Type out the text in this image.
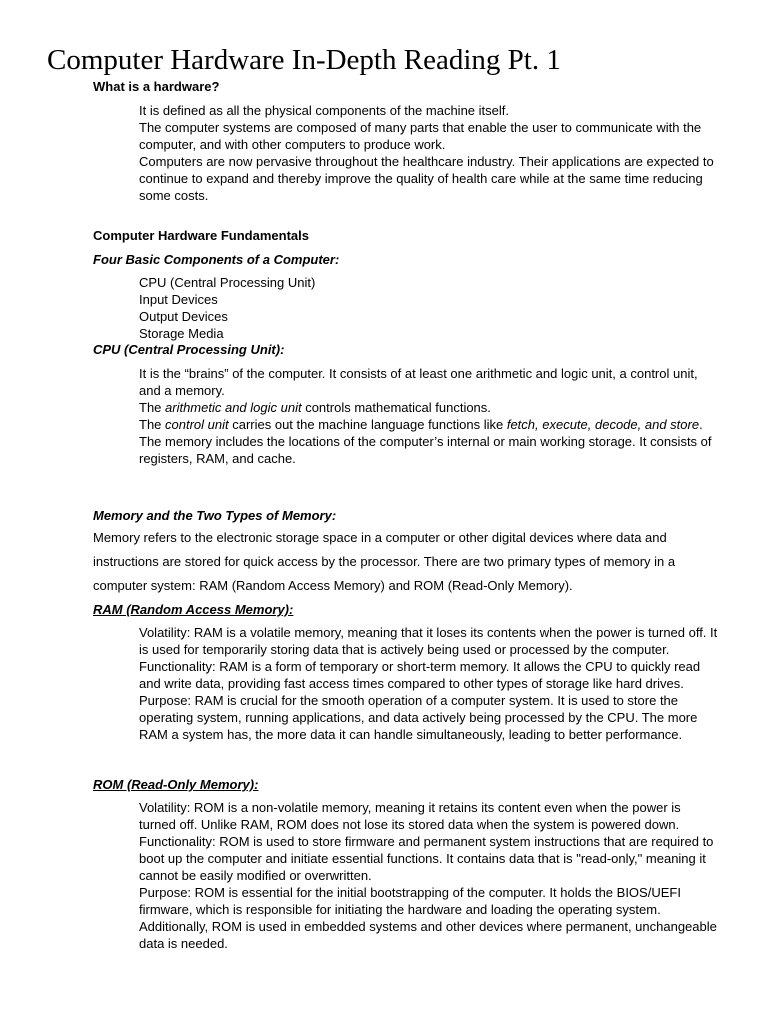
Computer Hardware In-Depth Reading Pt. 1

What is a hardware?

It is defined as all the physical components of the machine itself.

The computer systems are composed of many parts that enable the user to communicate with the computer, and with other computers to produce work.

Computers are now pervasive throughout the healthcare industry. Their applications are expected to continue to expand and thereby improve the quality of health care while at the same time reducing some costs.

Computer Hardware Fundamentals

Four Basic Components of a Computer:

CPU (Central Processing Unit)

Input Devices

Output Devices

Storage Media

CPU (Central Processing Unit):

It is the “brains” of the computer. It consists of at least one arithmetic and logic unit, a control unit, and a memory.

The arithmetic and logic unit controls mathematical functions.

The control unit carries out the machine language functions like fetch, execute, decode, and store.

The memory includes the locations of the computer’s internal or main working storage. It consists of registers, RAM, and cache.

Memory and the Two Types of Memory:

Memory refers to the electronic storage space in a computer or other digital devices where data and instructions are stored for quick access by the processor. There are two primary types of memory in a computer system: RAM (Random Access Memory) and ROM (Read-Only Memory).

RAM (Random Access Memory):

Volatility: RAM is a volatile memory, meaning that it loses its contents when the power is turned off. It is used for temporarily storing data that is actively being used or processed by the computer.

Functionality: RAM is a form of temporary or short-term memory. It allows the CPU to quickly read and write data, providing fast access times compared to other types of storage like hard drives.

Purpose: RAM is crucial for the smooth operation of a computer system. It is used to store the operating system, running applications, and data actively being processed by the CPU. The more RAM a system has, the more data it can handle simultaneously, leading to better performance.

ROM (Read-Only Memory):

Volatility: ROM is a non-volatile memory, meaning it retains its content even when the power is turned off. Unlike RAM, ROM does not lose its stored data when the system is powered down.

Functionality: ROM is used to store firmware and permanent system instructions that are required to boot up the computer and initiate essential functions. It contains data that is "read-only," meaning it cannot be easily modified or overwritten.

Purpose: ROM is essential for the initial bootstrapping of the computer. It holds the BIOS/UEFI firmware, which is responsible for initiating the hardware and loading the operating system. Additionally, ROM is used in embedded systems and other devices where permanent, unchangeable data is needed.
